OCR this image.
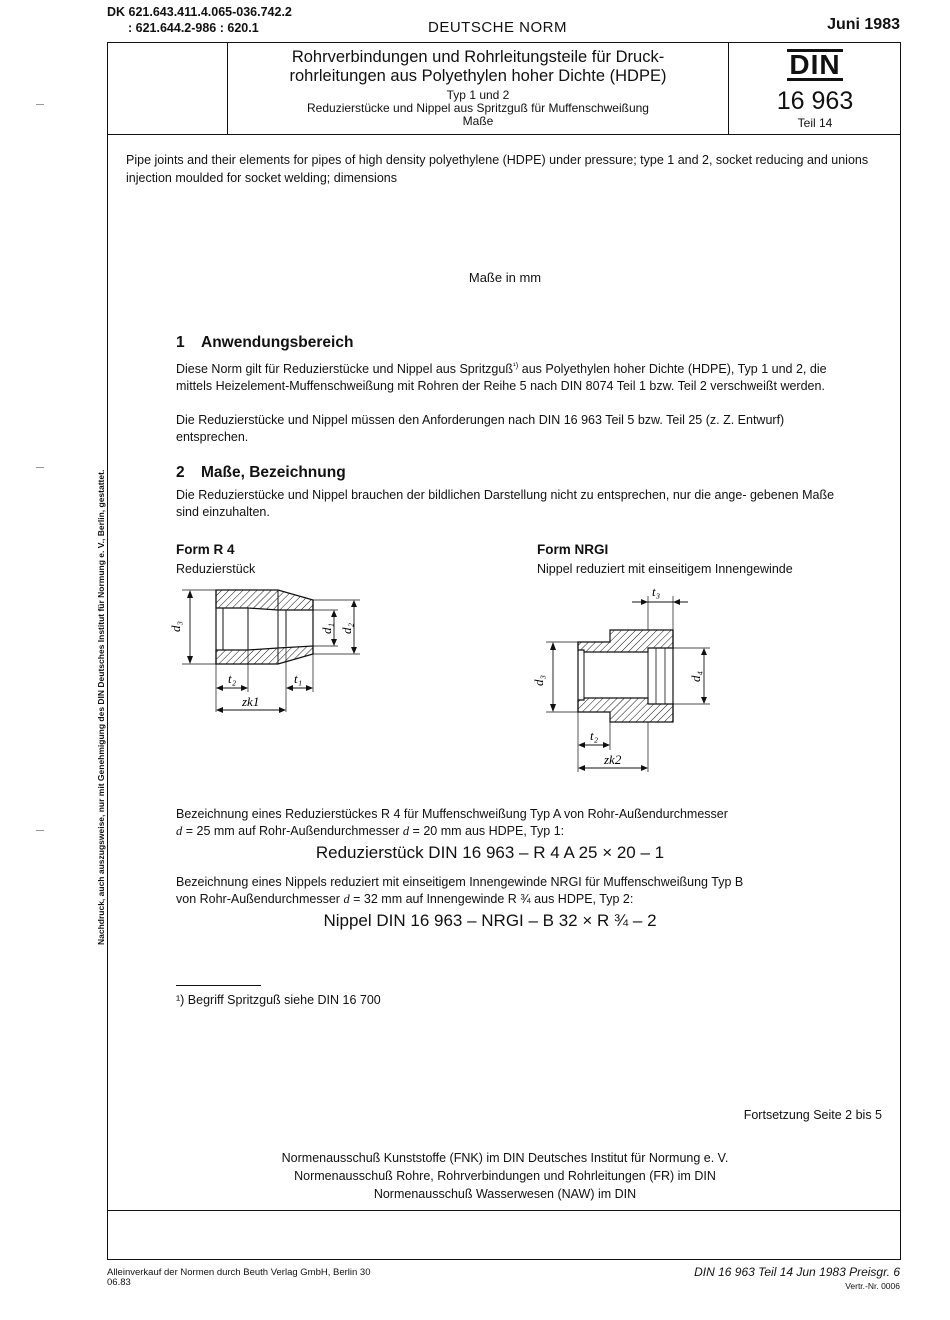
DK 621.643.411.4.065-036.742.2
: 621.644.2-986 : 620.1	DEUTSCHE NORM	Juni 1983
Rohrverbindungen und Rohrleitungsteile für Druck-
rohrleitungen aus Polyethylen hoher Dichte (HDPE)
Typ 1 und 2
Reduzierstücke und Nippel aus Spritzguß für Muffenschweißung
Maße
DIN
16 963
Teil 14
Pipe joints and their elements for pipes of high density polyethylene (HDPE) under pressure; type 1 and 2, socket reducing and unions injection moulded for socket welding; dimensions
Maße in mm
1 Anwendungsbereich
Diese Norm gilt für Reduzierstücke und Nippel aus Spritzguß$^{^1)}$ aus Polyethylen hoher Dichte (HDPE), Typ 1 und 2, die mittels Heizelement-Muffenschweißung mit Rohren der Reihe 5 nach DIN 8074 Teil 1 bzw. Teil 2 verschweißt werden.
Die Reduzierstücke und Nippel müssen den Anforderungen nach DIN 16 963 Teil 5 bzw. Teil 25 (z. Z. Entwurf) entsprechen.
2 Maße, Bezeichnung
Die Reduzierstücke und Nippel brauchen der bildlichen Darstellung nicht zu entsprechen, nur die ange- gebenen Maße sind einzuhalten.
Form R 4
Reduzierstück
d₃	d₁ d₂
t₂	t₁
zk1
Form NRGI
Nippel reduziert mit einseitigem Innengewinde
t₃
d₃	d₄
t₂
zk2
Bezeichnung eines Reduzierstückes R 4 für Muffenschweißung Typ A von Rohr-Außendurchmesser
d = 25 mm auf Rohr-Außendurchmesser d = 20 mm aus HDPE, Typ 1:
Reduzierstück DIN 16 963 – R 4 A 25 × 20 – 1
Bezeichnung eines Nippels reduziert mit einseitigem Innengewinde NRGI für Muffenschweißung Typ B
von Rohr-Außendurchmesser d = 32 mm auf Innengewinde R ¾ aus HDPE, Typ 2:
Nippel DIN 16 963 – NRGI – B 32 × R ¾ – 2
¹) Begriff Spritzguß siehe DIN 16 700
Fortsetzung Seite 2 bis 5
Normenausschuß Kunststoffe (FNK) im DIN Deutsches Institut für Normung e. V.
Normenausschuß Rohre, Rohrverbindungen und Rohrleitungen (FR) im DIN
Normenausschuß Wasserwesen (NAW) im DIN
Alleinverkauf der Normen durch Beuth Verlag GmbH, Berlin 30
06.83
DIN 16 963 Teil 14 Jun 1983 Preisgr. 6
Vertr.-Nr. 0006
Nachdruck, auch auszugsweise, nur mit Genehmigung des DIN Deutsches Institut für Normung e. V., Berlin, gestattet.
